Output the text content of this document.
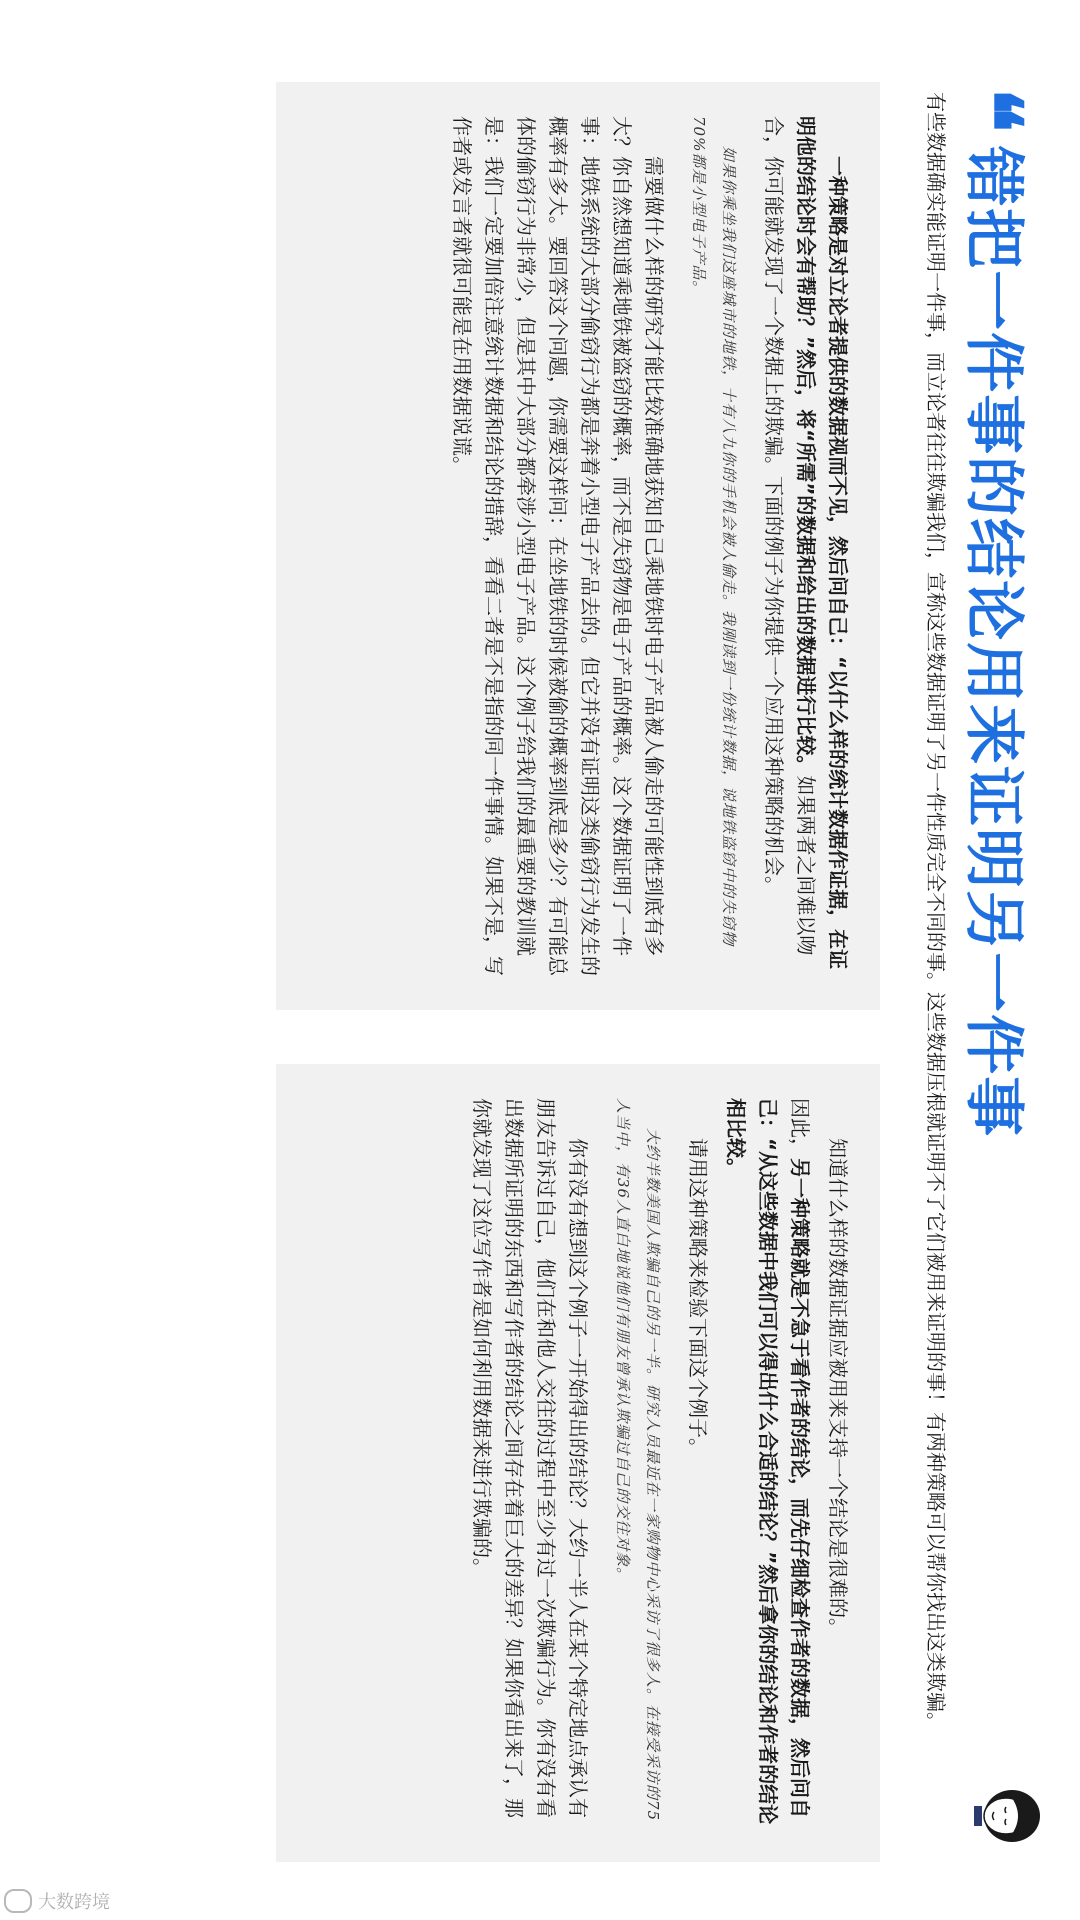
❝
错把一件事的结论用来证明另一件事

有些数据确实能证明一件事，而立论者往往欺骗我们，宣称这些数据证明了另一件性质完全不同的事。这些数据压根就证明不了它们被用来证明的事！有两种策略可以帮你找出这类欺骗。

一种策略是对立论者提供的数据视而不见，然后问自己：“以什么样的统计数据作证据，在证明他的结论时会有帮助？”然后，将“所需”的数据和给出的数据进行比较。如果两者之间难以吻合，你可能就发现了一个数据上的欺骗。下面的例子为你提供一个应用这种策略的机会。

如果你乘坐我们这座城市的地铁，十有八九你的手机会被人偷走。我刚读到一份统计数据，说地铁盗窃中的失窃物70%都是小型电子产品。

需要做什么样的研究才能比较准确地获知自己乘地铁时电子产品被人偷走的可能性到底有多大？你自然想知道乘地铁被盗窃的概率，而不是失窃物是电子产品的概率。这个数据证明了一件事：地铁系统的大部分偷窃行为都是奔着小型电子产品去的。但它并没有证明这类偷窃行为发生的概率有多大。要回答这个问题，你需要这样问：在坐地铁的时候被偷的概率到底是多少？有可能总体的偷窃行为非常少，但是其中大部分都牵涉小型电子产品。这个例子给我们的最重要的教训就是：我们一定要加倍注意统计数据和结论的措辞，看看二者是不是指的同一件事情。如果不是，写作者或发言者就很可能是在用数据说谎。

知道什么样的数据证据应被用来支持一个结论是很难的。

因此，另一种策略就是不急于看作者的结论，而先仔细检查作者的数据，然后问自己：“从这些数据中我们可以得出什么合适的结论？”然后拿你的结论和作者的结论相比较。

请用这种策略来检验下面这个例子。

大约半数美国人欺骗自己的另一半。研究人员最近在一家购物中心采访了很多人。在接受采访的75人当中，有36人直白地说他们有朋友曾承认欺骗过自己的交往对象。

你有没有想到这个例子一开始得出的结论？大约一半人在某个特定地点承认有朋友告诉过自己，他们在和他人交往的过程中至少有过一次欺骗行为。你有没有看出数据所证明的东西和写作者的结论之间存在着巨大的差异？如果你看出来了，那你就发现了这位写作者是如何利用数据来进行欺骗的。

大数跨境
